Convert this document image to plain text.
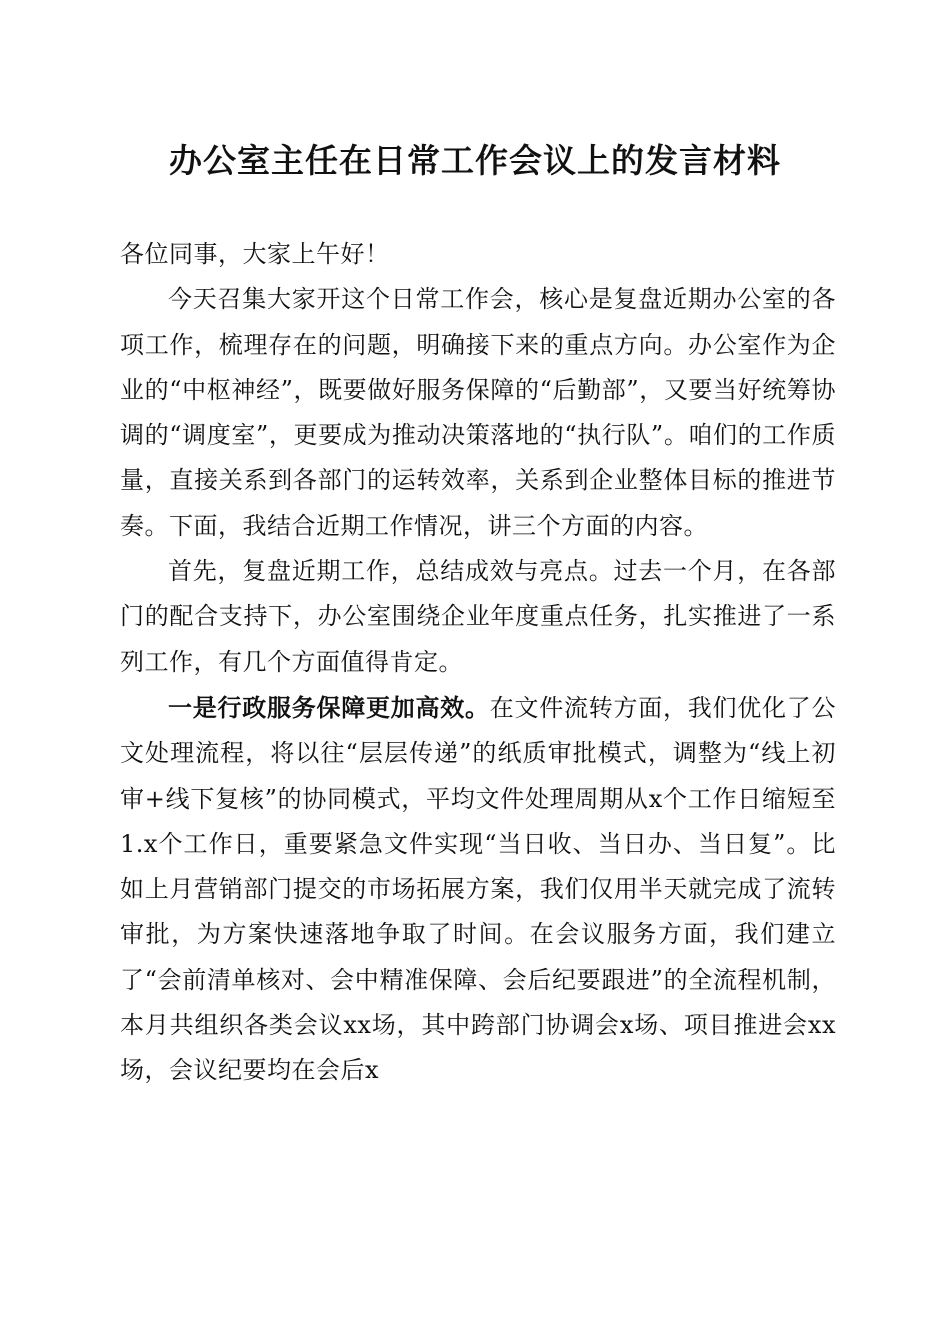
办公室主任在日常工作会议上的发言材料

各位同事，大家上午好！

今天召集大家开这个日常工作会，核心是复盘近期办公室的各项工作，梳理存在的问题，明确接下来的重点方向。办公室作为企业的“中枢神经”，既要做好服务保障的“后勤部”，又要当好统筹协调的“调度室”，更要成为推动决策落地的“执行队”。咱们的工作质量，直接关系到各部门的运转效率，关系到企业整体目标的推进节奏。下面，我结合近期工作情况，讲三个方面的内容。

首先，复盘近期工作，总结成效与亮点。过去一个月，在各部门的配合支持下，办公室围绕企业年度重点任务，扎实推进了一系列工作，有几个方面值得肯定。

一是行政服务保障更加高效。在文件流转方面，我们优化了公文处理流程，将以往“层层传递”的纸质审批模式，调整为“线上初审+线下复核”的协同模式，平均文件处理周期从x个工作日缩短至1.x个工作日，重要紧急文件实现“当日收、当日办、当日复”。比如上月营销部门提交的市场拓展方案，我们仅用半天就完成了流转审批，为方案快速落地争取了时间。在会议服务方面，我们建立了“会前清单核对、会中精准保障、会后纪要跟进”的全流程机制，本月共组织各类会议xx场，其中跨部门协调会x场、项目推进会xx场，会议纪要均在会后x
